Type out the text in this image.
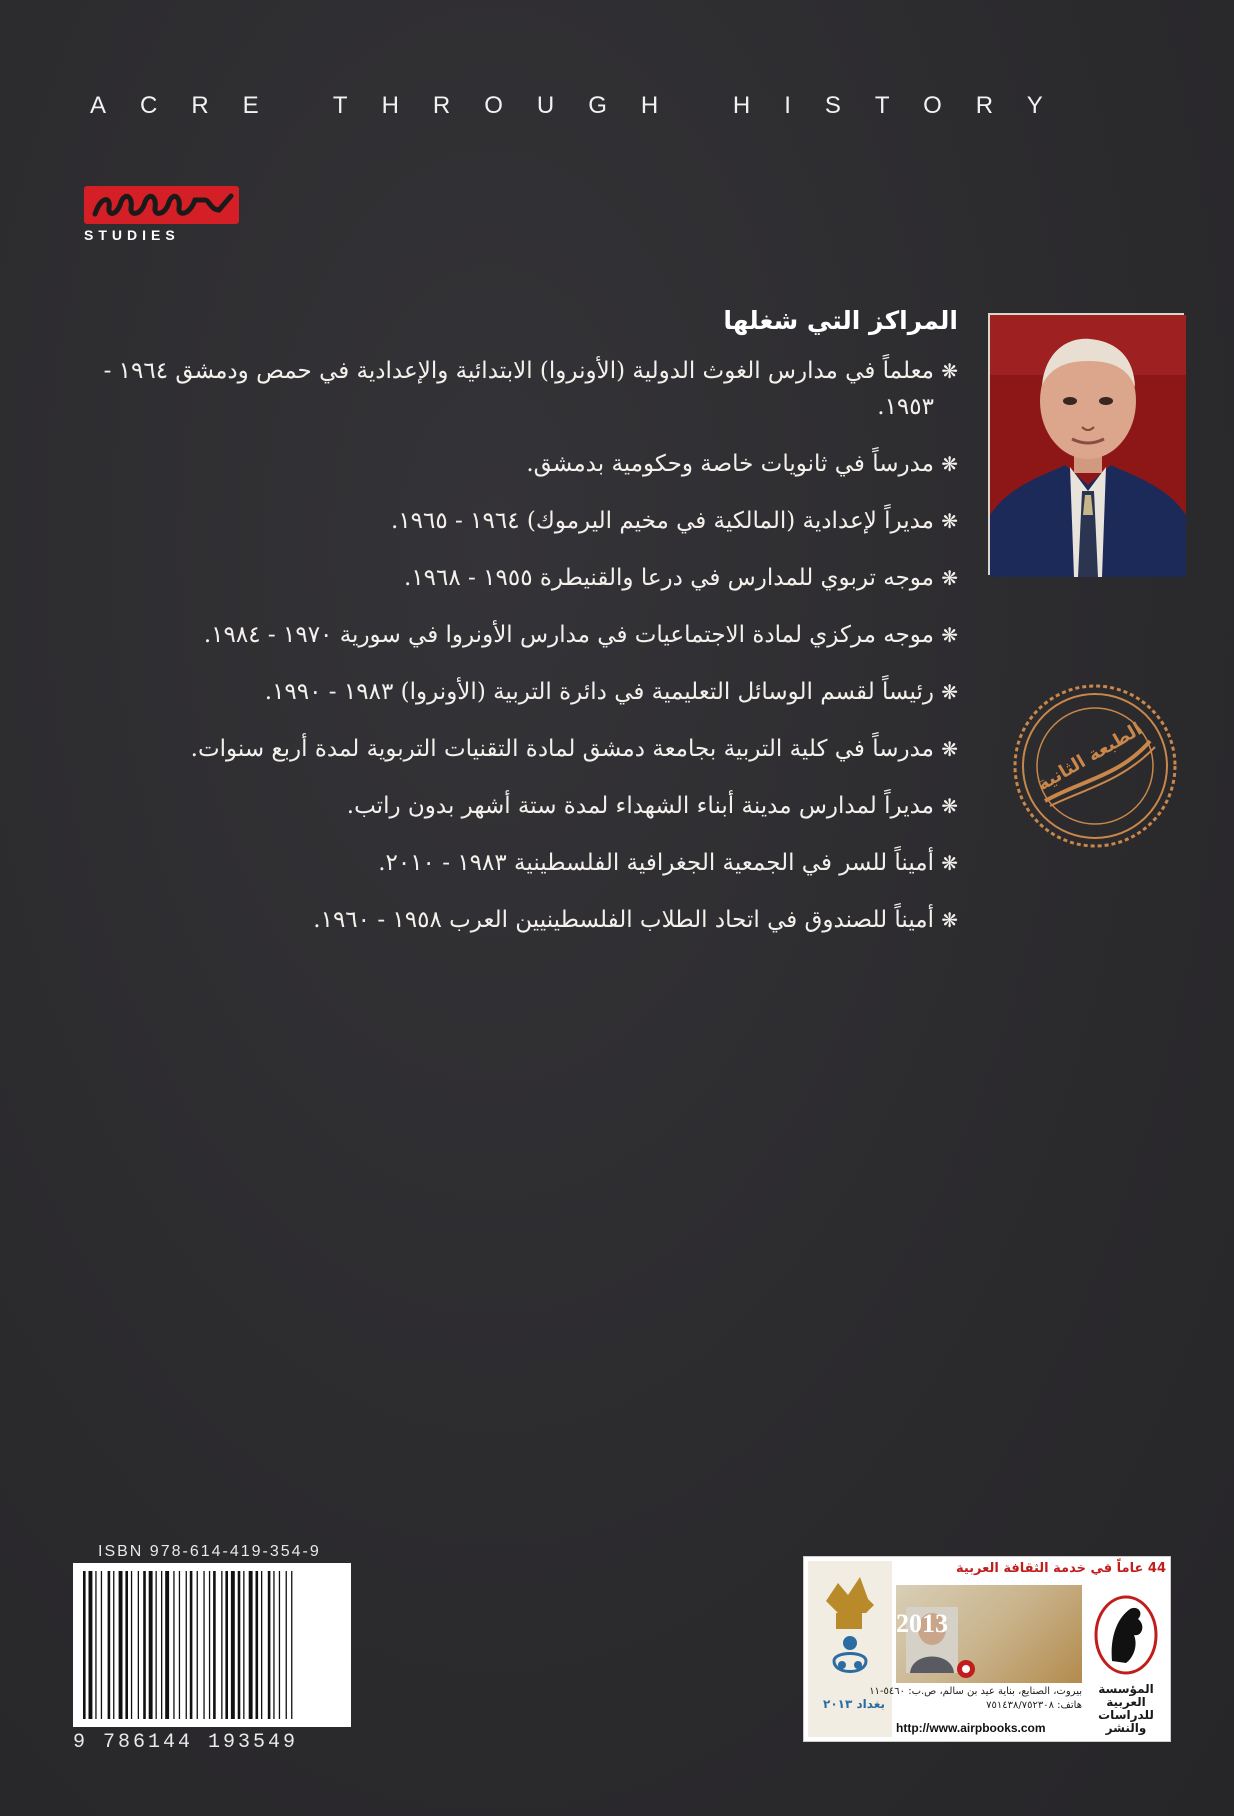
ACRE THROUGH HISTORY
STUDIES
المراكز التي شغلها
❋
معلماً في مدارس الغوث الدولية (الأونروا) الابتدائية والإعدادية في حمص ودمشق ١٩٦٤ - ١٩٥٣.
❋
مدرساً في ثانويات خاصة وحكومية بدمشق.
❋
مديراً لإعدادية (المالكية في مخيم اليرموك) ١٩٦٤ - ١٩٦٥.
❋
موجه تربوي للمدارس في درعا والقنيطرة ١٩٥٥ - ١٩٦٨.
❋
موجه مركزي لمادة الاجتماعيات في مدارس الأونروا في سورية ١٩٧٠ - ١٩٨٤.
❋
رئيساً لقسم الوسائل التعليمية في دائرة التربية (الأونروا) ١٩٨٣ - ١٩٩٠.
❋
مدرساً في كلية التربية بجامعة دمشق لمادة التقنيات التربوية لمدة أربع سنوات.
❋
مديراً لمدارس مدينة أبناء الشهداء لمدة ستة أشهر بدون راتب.
❋
أميناً للسر في الجمعية الجغرافية الفلسطينية ١٩٨٣ - ٢٠١٠.
❋
أميناً للصندوق في اتحاد الطلاب الفلسطينيين العرب ١٩٥٨ - ١٩٦٠.
الطبعة الثانية
ISBN 978-614-419-354-9
9 786144 193549
بغداد ٢٠١٣
44 عاماً في خدمة الثقافة العربية
2013
المؤسسة العربية للدراسات والنشر
بيروت، الصنايع، بناية عيد بن سالم، ص.ب: ٥٤٦٠-١١
هاتف: ٧٥١٤٣٨/٧٥٢٣٠٨
http://www.airpbooks.com
